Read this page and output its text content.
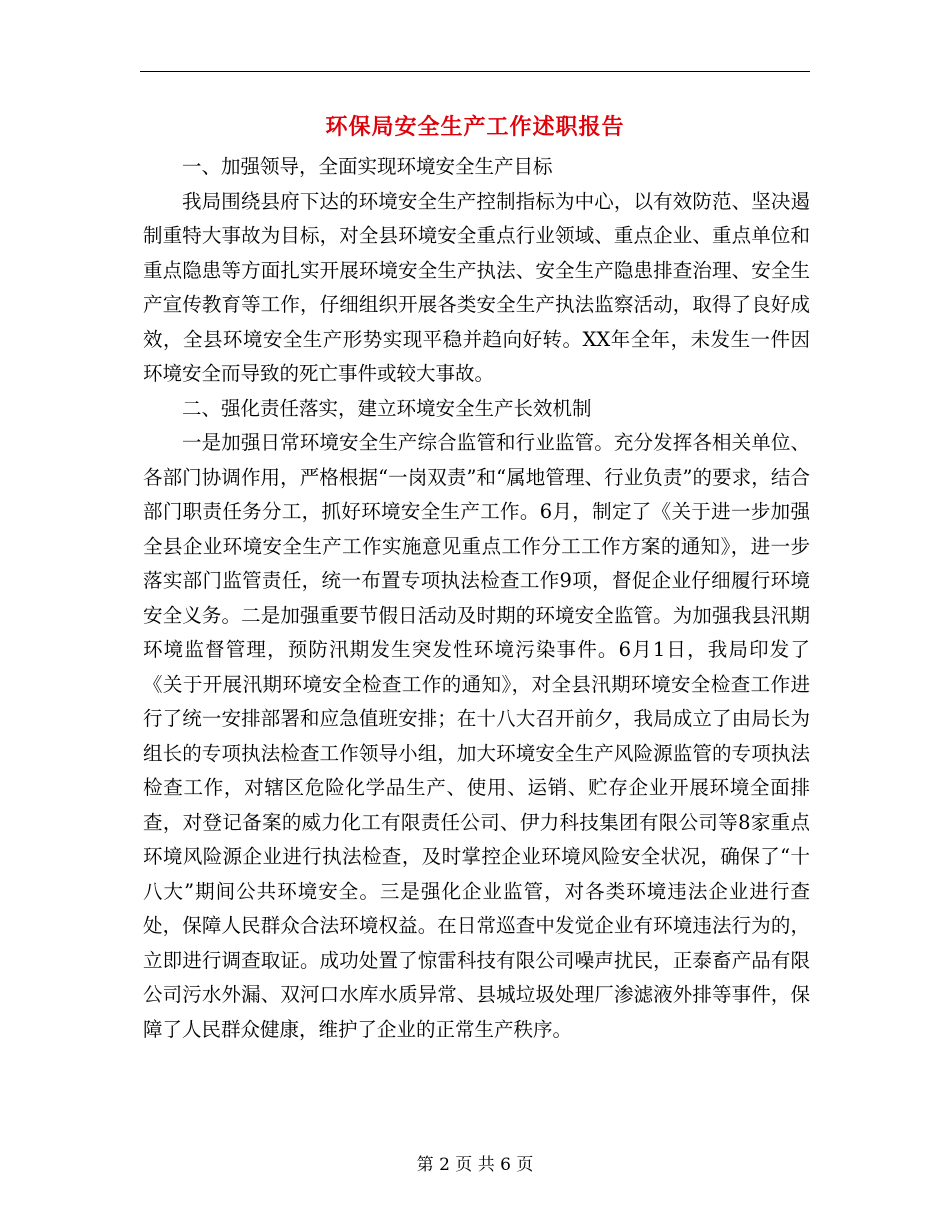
环保局安全生产工作述职报告

一、加强领导，全面实现环境安全生产目标

我局围绕县府下达的环境安全生产控制指标为中心，以有效防范、坚决遏制重特大事故为目标，对全县环境安全重点行业领域、重点企业、重点单位和重点隐患等方面扎实开展环境安全生产执法、安全生产隐患排查治理、安全生产宣传教育等工作，仔细组织开展各类安全生产执法监察活动，取得了良好成效，全县环境安全生产形势实现平稳并趋向好转。XX年全年，未发生一件因环境安全而导致的死亡事件或较大事故。

二、强化责任落实，建立环境安全生产长效机制

一是加强日常环境安全生产综合监管和行业监管。充分发挥各相关单位、各部门协调作用，严格根据“一岗双责”和“属地管理、行业负责”的要求，结合部门职责任务分工，抓好环境安全生产工作。6月，制定了《关于进一步加强全县企业环境安全生产工作实施意见重点工作分工工作方案的通知》，进一步落实部门监管责任，统一布置专项执法检查工作9项，督促企业仔细履行环境安全义务。二是加强重要节假日活动及时期的环境安全监管。为加强我县汛期环境监督管理，预防汛期发生突发性环境污染事件。6月1日，我局印发了《关于开展汛期环境安全检查工作的通知》，对全县汛期环境安全检查工作进行了统一安排部署和应急值班安排；在十八大召开前夕，我局成立了由局长为组长的专项执法检查工作领导小组，加大环境安全生产风险源监管的专项执法检查工作，对辖区危险化学品生产、使用、运销、贮存企业开展环境全面排查，对登记备案的威力化工有限责任公司、伊力科技集团有限公司等8家重点环境风险源企业进行执法检查，及时掌控企业环境风险安全状况，确保了“十八大”期间公共环境安全。三是强化企业监管，对各类环境违法企业进行查处，保障人民群众合法环境权益。在日常巡查中发觉企业有环境违法行为的，立即进行调查取证。成功处置了惊雷科技有限公司噪声扰民，正泰畜产品有限公司污水外漏、双河口水库水质异常、县城垃圾处理厂渗滤液外排等事件，保障了人民群众健康，维护了企业的正常生产秩序。

第 2 页 共 6 页
